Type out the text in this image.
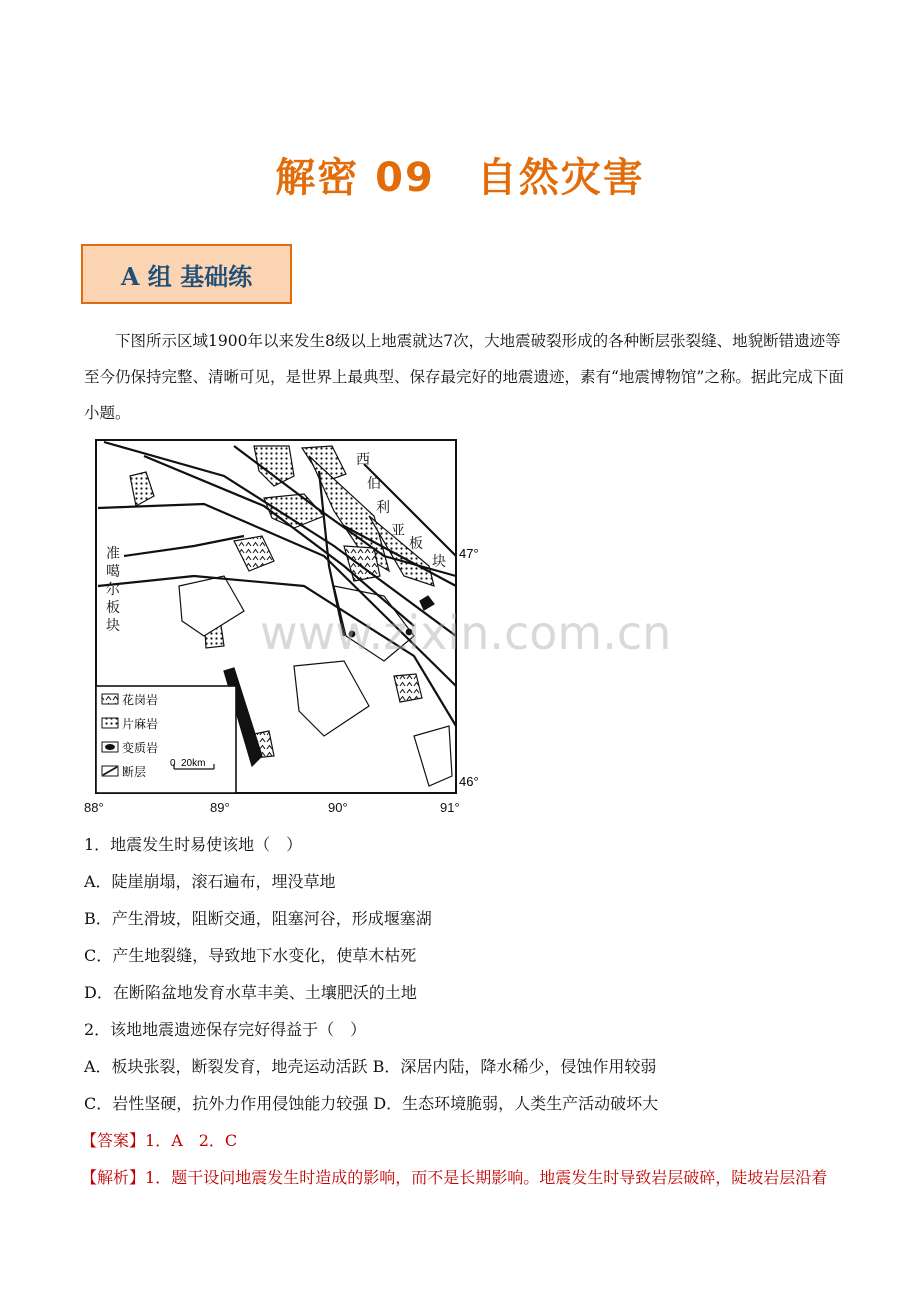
解密 09　自然灾害
A 组 基础练

下图所示区域1900年以来发生8级以上地震就达7次，大地震破裂形成的各种断层张裂缝、地貌断错遗迹等至今仍保持完整、清晰可见，是世界上最典型、保存最完好的地震遗迹，素有“地震博物馆”之称。据此完成下面小题。

西
伯
利
亚
板
块
准
噶
尔
板
块
47°
46°
花岗岩
片麻岩
变质岩
断层
0 20km
88°	89°	90°	91°
www.zixin.com.cn
1．地震发生时易使该地（　）
A．陡崖崩塌，滚石遍布，埋没草地
B．产生滑坡，阻断交通，阻塞河谷，形成堰塞湖
C．产生地裂缝，导致地下水变化，使草木枯死
D．在断陷盆地发育水草丰美、土壤肥沃的土地
2．该地地震遗迹保存完好得益于（　）
A．板块张裂，断裂发育，地壳运动活跃 B．深居内陆，降水稀少，侵蚀作用较弱
C．岩性坚硬，抗外力作用侵蚀能力较强 D．生态环境脆弱，人类生产活动破坏大
【答案】1．A　2．C
【解析】1．题干设问地震发生时造成的影响，而不是长期影响。地震发生时导致岩层破碎，陡坡岩层沿着
